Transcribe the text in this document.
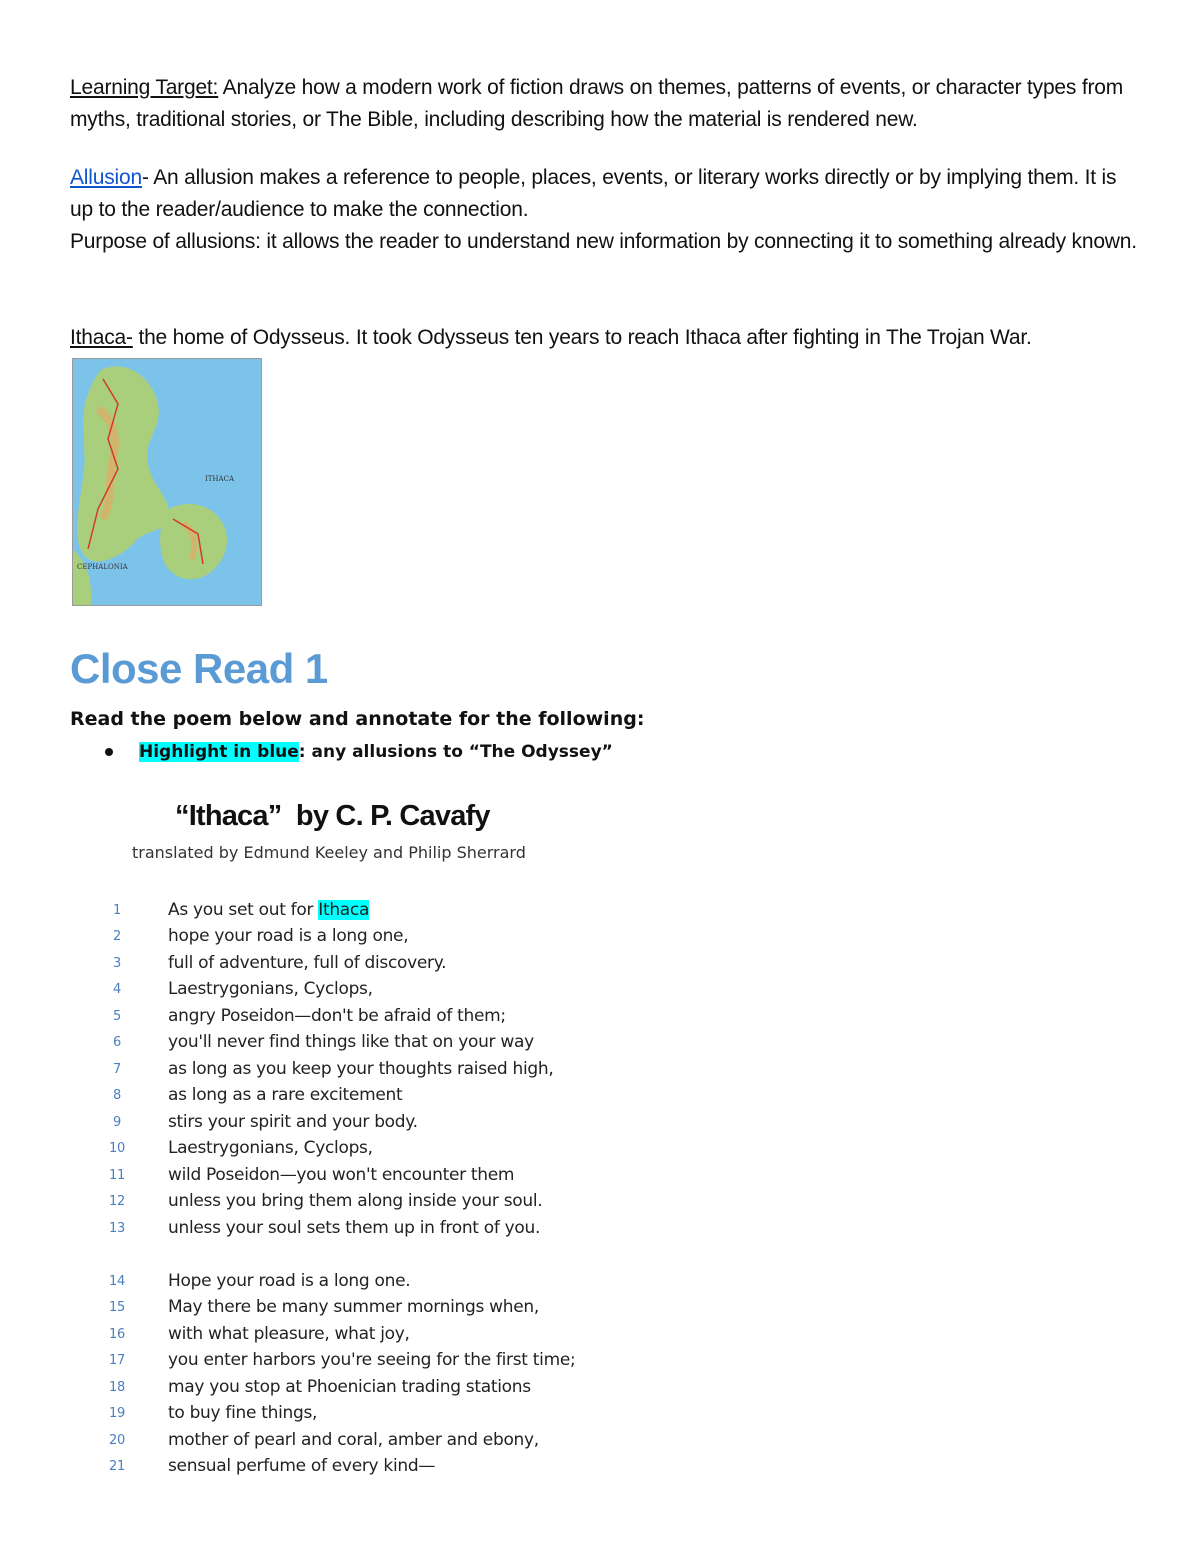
Learning Target: Analyze how a modern work of fiction draws on themes, patterns of events, or character types from myths, traditional stories, or The Bible, including describing how the material is rendered new.
Allusion- An allusion makes a reference to people, places, events, or literary works directly or by implying them. It is up to the reader/audience to make the connection.
Purpose of allusions: it allows the reader to understand new information by connecting it to something already known.
Ithaca- the home of Odysseus. It took Odysseus ten years to reach Ithaca after fighting in The Trojan War.
ITHACA
CEPHALONIA
Close Read 1
Read the poem below and annotate for the following:
Highlight in blue : any allusions to “The Odyssey”
“Ithaca”  by C. P. Cavafy
translated by Edmund Keeley and Philip Sherrard
1	As you set out for Ithaca
2	hope your road is a long one,
3	full of adventure, full of discovery.
4	Laestrygonians, Cyclops,
5	angry Poseidon—don't be afraid of them;
6	you'll never find things like that on your way
7	as long as you keep your thoughts raised high,
8	as long as a rare excitement
9	stirs your spirit and your body.
10	Laestrygonians, Cyclops,
11	wild Poseidon—you won't encounter them
12	unless you bring them along inside your soul.
13	unless your soul sets them up in front of you.
14	Hope your road is a long one.
15	May there be many summer mornings when,
16	with what pleasure, what joy,
17	you enter harbors you're seeing for the first time;
18	may you stop at Phoenician trading stations
19	to buy fine things,
20	mother of pearl and coral, amber and ebony,
21	sensual perfume of every kind—
